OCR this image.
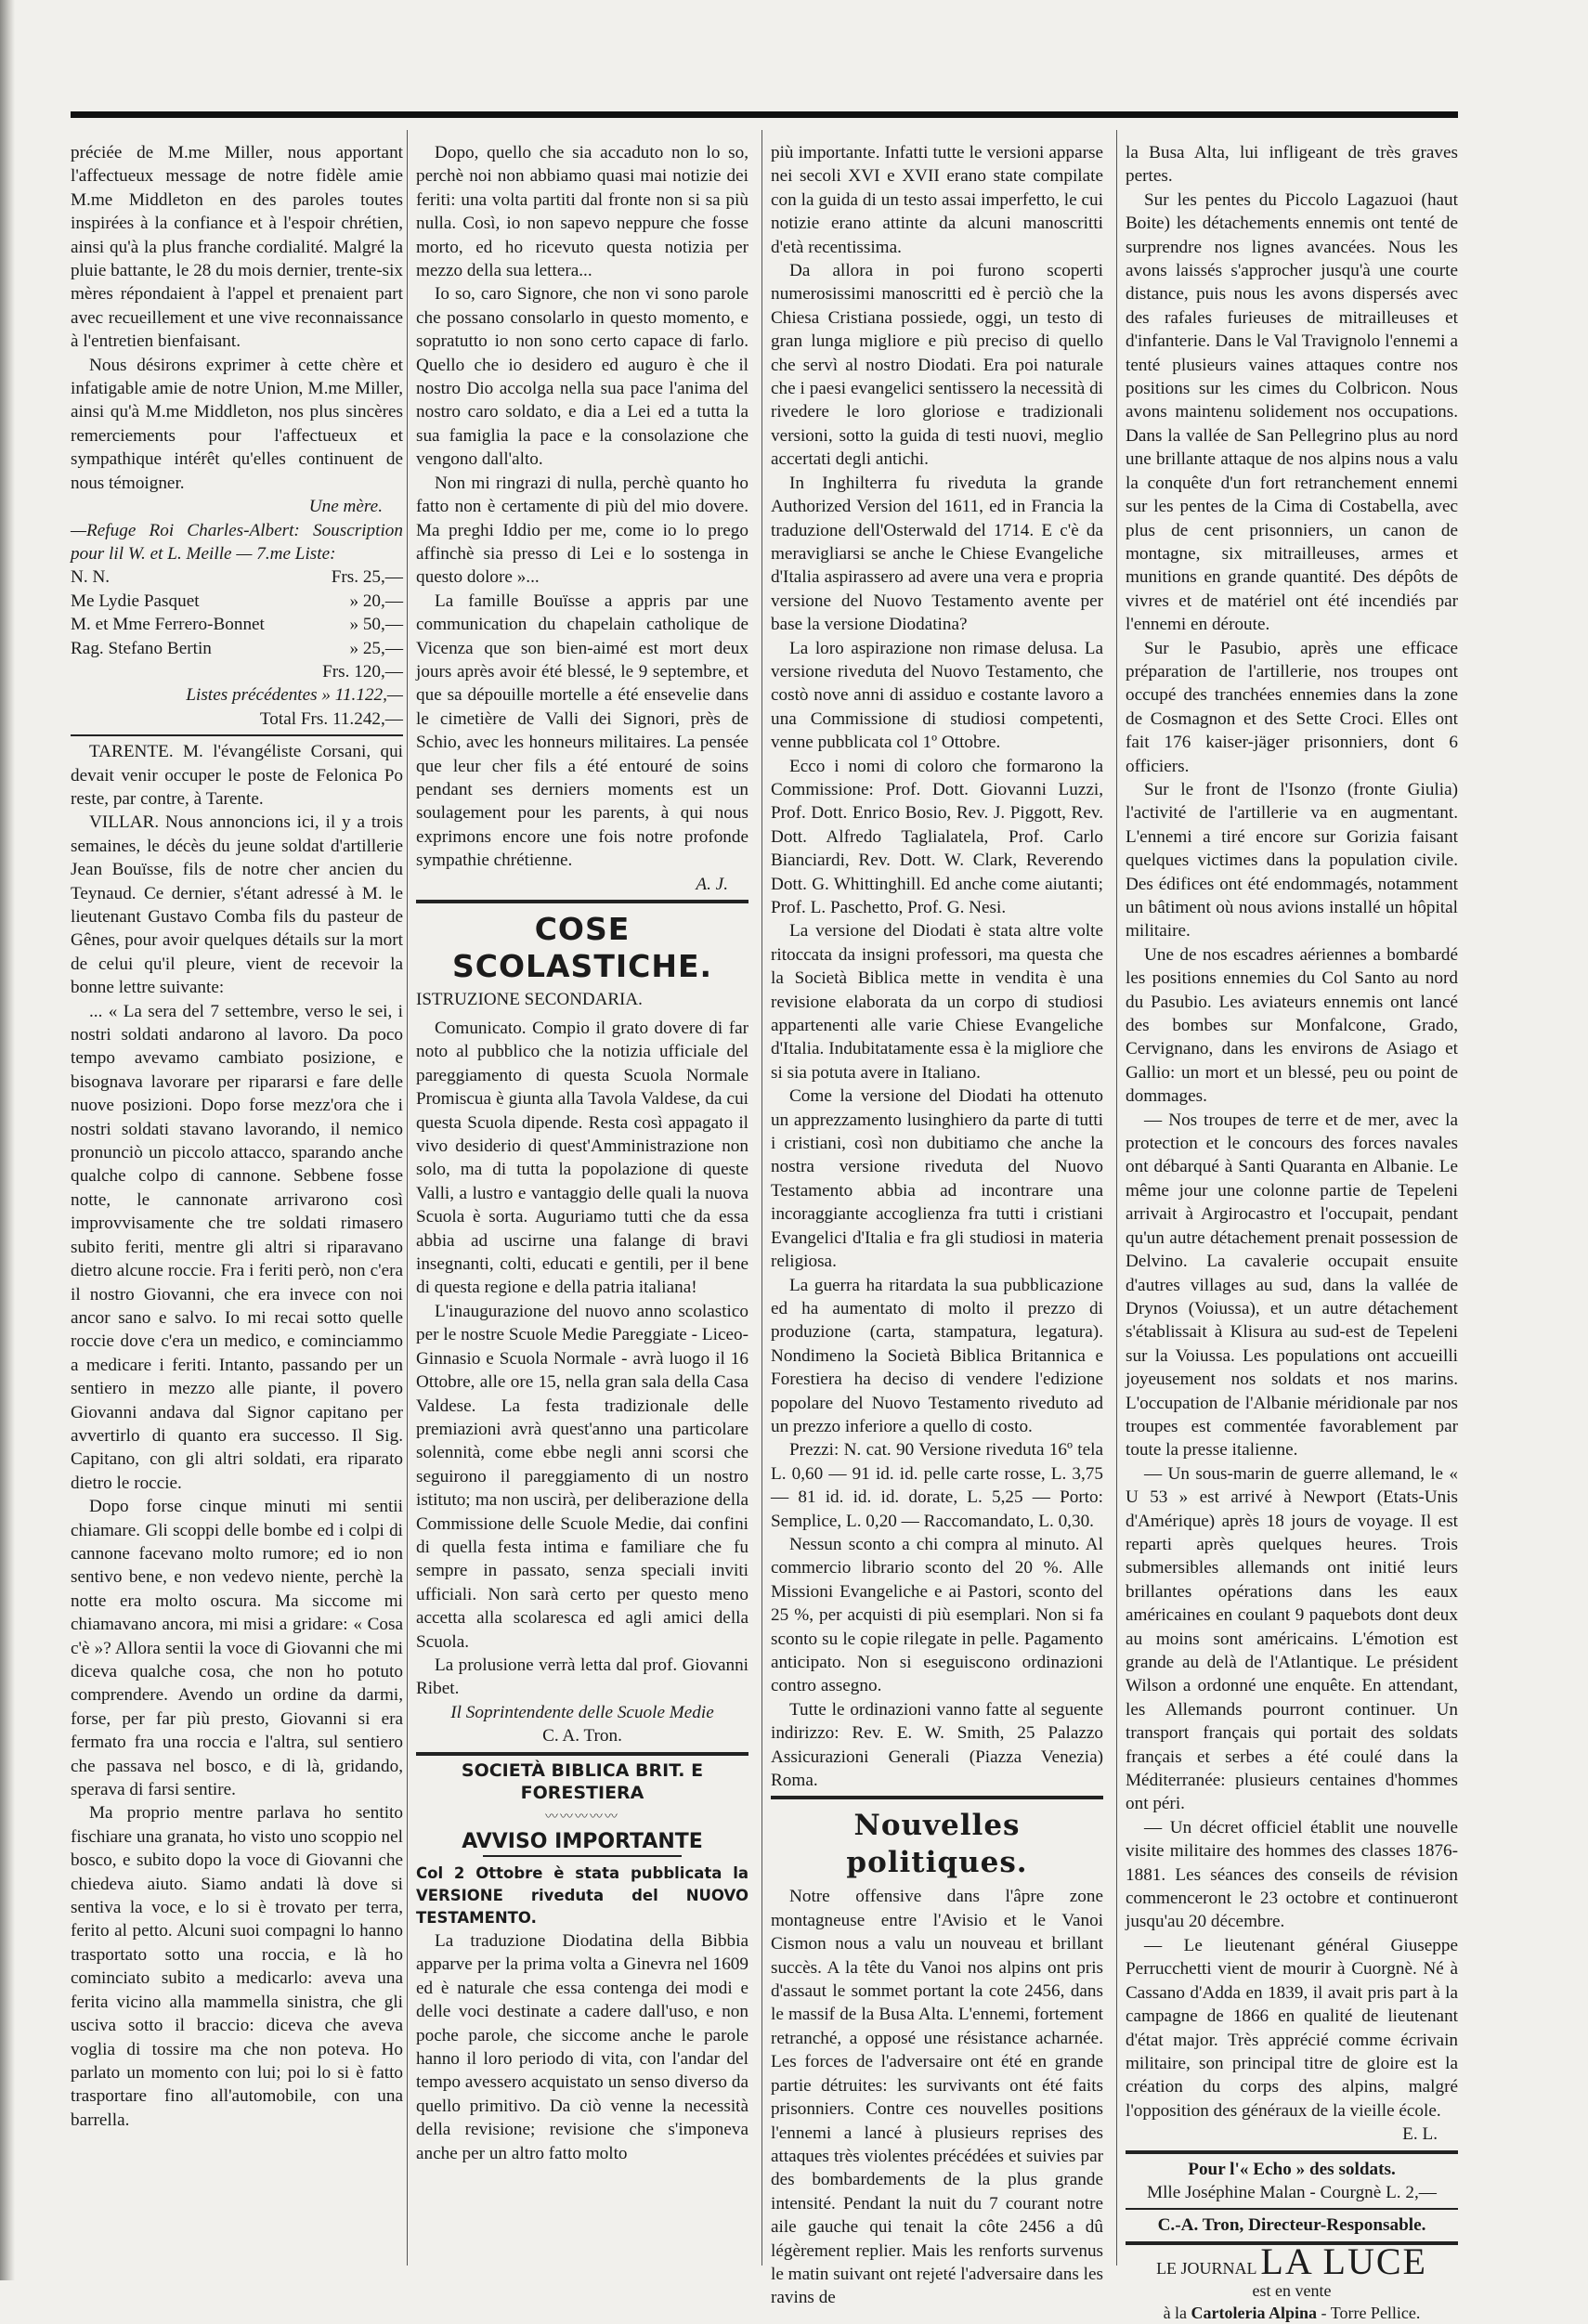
préciée de M.me Miller, nous apportant l'affectueux message de notre fidèle amie M.me Middleton en des paroles toutes inspirées à la confiance et à l'espoir chrétien, ainsi qu'à la plus franche cordialité. Malgré la pluie battante, le 28 du mois dernier, trente-six mères répondaient à l'appel et prenaient part avec recueillement et une vive reconnaissance à l'entretien bienfaisant.

Nous désirons exprimer à cette chère et infatigable amie de notre Union, M.me Miller, ainsi qu'à M.me Middleton, nos plus sincères remerciements pour l'affectueux et sympathique intérêt qu'elles continuent de nous témoigner.

Une mère.
—Refuge Roi Charles-Albert: Souscription pour lil W. et L. Meille — 7.me Liste:
N. N.	Frs. 25,—
Me Lydie Pasquet	» 20,—
M. et Mme Ferrero-Bonnet	» 50,—
Rag. Stefano Bertin	» 25,—
Frs. 120,—
Listes précédentes » 11.122,—
Total Frs. 11.242,—

TARENTE. M. l'évangéliste Corsani, qui devait venir occuper le poste de Felonica Po reste, par contre, à Tarente.

VILLAR. Nous annoncions ici, il y a trois semaines, le décès du jeune soldat d'artillerie Jean Bouïsse, fils de notre cher ancien du Teynaud. Ce dernier, s'étant adressé à M. le lieutenant Gustavo Comba fils du pasteur de Gênes, pour avoir quelques détails sur la mort de celui qu'il pleure, vient de recevoir la bonne lettre suivante:

... « La sera del 7 settembre, verso le sei, i nostri soldati andarono al lavoro. Da poco tempo avevamo cambiato posizione, e bisognava lavorare per ripararsi e fare delle nuove posizioni. Dopo forse mezz'ora che i nostri soldati stavano lavorando, il nemico pronunciò un piccolo attacco, sparando anche qualche colpo di cannone. Sebbene fosse notte, le cannonate arrivarono così improvvisamente che tre soldati rimasero subito feriti, mentre gli altri si riparavano dietro alcune roccie. Fra i feriti però, non c'era il nostro Giovanni, che era invece con noi ancor sano e salvo. Io mi recai sotto quelle roccie dove c'era un medico, e cominciammo a medicare i feriti. Intanto, passando per un sentiero in mezzo alle piante, il povero Giovanni andava dal Signor capitano per avvertirlo di quanto era successo. Il Sig. Capitano, con gli altri soldati, era riparato dietro le roccie.

Dopo forse cinque minuti mi sentii chiamare. Gli scoppi delle bombe ed i colpi di cannone facevano molto rumore; ed io non sentivo bene, e non vedevo niente, perchè la notte era molto oscura. Ma siccome mi chiamavano ancora, mi misi a gridare: « Cosa c'è »? Allora sentii la voce di Giovanni che mi diceva qualche cosa, che non ho potuto comprendere. Avendo un ordine da darmi, forse, per far più presto, Giovanni si era fermato fra una roccia e l'altra, sul sentiero che passava nel bosco, e di là, gridando, sperava di farsi sentire.

Ma proprio mentre parlava ho sentito fischiare una granata, ho visto uno scoppio nel bosco, e subito dopo la voce di Giovanni che chiedeva aiuto. Siamo andati là dove si sentiva la voce, e lo si è trovato per terra, ferito al petto. Alcuni suoi compagni lo hanno trasportato sotto una roccia, e là ho cominciato subito a medicarlo: aveva una ferita vicino alla mammella sinistra, che gli usciva sotto il braccio: diceva che aveva voglia di tossire ma che non poteva. Ho parlato un momento con lui; poi lo si è fatto trasportare fino all'automobile, con una barrella.

Dopo, quello che sia accaduto non lo so, perchè noi non abbiamo quasi mai notizie dei feriti: una volta partiti dal fronte non si sa più nulla. Così, io non sapevo neppure che fosse morto, ed ho ricevuto questa notizia per mezzo della sua lettera...

Io so, caro Signore, che non vi sono parole che possano consolarlo in questo momento, e sopratutto io non sono certo capace di farlo. Quello che io desidero ed auguro è che il nostro Dio accolga nella sua pace l'anima del nostro caro soldato, e dia a Lei ed a tutta la sua famiglia la pace e la consolazione che vengono dall'alto.

Non mi ringrazi di nulla, perchè quanto ho fatto non è certamente di più del mio dovere. Ma preghi Iddio per me, come io lo prego affinchè sia presso di Lei e lo sostenga in questo dolore »...

La famille Bouïsse a appris par une communication du chapelain catholique de Vicenza que son bien-aimé est mort deux jours après avoir été blessé, le 9 septembre, et que sa dépouille mortelle a été ensevelie dans le cimetière de Valli dei Signori, près de Schio, avec les honneurs militaires. La pensée que leur cher fils a été entouré de soins pendant ses derniers moments est un soulagement pour les parents, à qui nous exprimons encore une fois notre profonde sympathie chrétienne.

A. J.
COSE SCOLASTICHE.
ISTRUZIONE SECONDARIA.

Comunicato. Compio il grato dovere di far noto al pubblico che la notizia ufficiale del pareggiamento di questa Scuola Normale Promiscua è giunta alla Tavola Valdese, da cui questa Scuola dipende. Resta così appagato il vivo desiderio di quest'Amministrazione non solo, ma di tutta la popolazione di queste Valli, a lustro e vantaggio delle quali la nuova Scuola è sorta. Auguriamo tutti che da essa abbia ad uscirne una falange di bravi insegnanti, colti, educati e gentili, per il bene di questa regione e della patria italiana!

L'inaugurazione del nuovo anno scolastico per le nostre Scuole Medie Pareggiate - Liceo-Ginnasio e Scuola Normale - avrà luogo il 16 Ottobre, alle ore 15, nella gran sala della Casa Valdese. La festa tradizionale delle premiazioni avrà quest'anno una particolare solennità, come ebbe negli anni scorsi che seguirono il pareggiamento di un nostro istituto; ma non uscirà, per deliberazione della Commissione delle Scuole Medie, dai confini di quella festa intima e familiare che fu sempre in passato, senza speciali inviti ufficiali. Non sarà certo per questo meno accetta alla scolaresca ed agli amici della Scuola.

La prolusione verrà letta dal prof. Giovanni Ribet.

Il Soprintendente delle Scuole Medie
C. A. Tron.
SOCIETÀ BIBLICA BRIT. E FORESTIERA
〰〰〰〰〰
AVVISO IMPORTANTE
Col 2 Ottobre è stata pubblicata la VERSIONE riveduta del NUOVO TESTAMENTO.

La traduzione Diodatina della Bibbia apparve per la prima volta a Ginevra nel 1609 ed è naturale che essa contenga dei modi e delle voci destinate a cadere dall'uso, e non poche parole, che siccome anche le parole hanno il loro periodo di vita, con l'andar del tempo avessero acquistato un senso diverso da quello primitivo. Da ciò venne la necessità della revisione; revisione che s'imponeva anche per un altro fatto molto

più importante. Infatti tutte le versioni apparse nei secoli XVI e XVII erano state compilate con la guida di un testo assai imperfetto, le cui notizie erano attinte da alcuni manoscritti d'età recentissima.

Da allora in poi furono scoperti numerosissimi manoscritti ed è perciò che la Chiesa Cristiana possiede, oggi, un testo di gran lunga migliore e più preciso di quello che servì al nostro Diodati. Era poi naturale che i paesi evangelici sentissero la necessità di rivedere le loro gloriose e tradizionali versioni, sotto la guida di testi nuovi, meglio accertati degli antichi.

In Inghilterra fu riveduta la grande Authorized Version del 1611, ed in Francia la traduzione dell'Osterwald del 1714. E c'è da meravigliarsi se anche le Chiese Evangeliche d'Italia aspirassero ad avere una vera e propria versione del Nuovo Testamento avente per base la versione Diodatina?

La loro aspirazione non rimase delusa. La versione riveduta del Nuovo Testamento, che costò nove anni di assiduo e costante lavoro a una Commissione di studiosi competenti, venne pubblicata col 1º Ottobre.

Ecco i nomi di coloro che formarono la Commissione: Prof. Dott. Giovanni Luzzi, Prof. Dott. Enrico Bosio, Rev. J. Piggott, Rev. Dott. Alfredo Taglialatela, Prof. Carlo Bianciardi, Rev. Dott. W. Clark, Reverendo Dott. G. Whittinghill. Ed anche come aiutanti; Prof. L. Paschetto, Prof. G. Nesi.

La versione del Diodati è stata altre volte ritoccata da insigni professori, ma questa che la Società Biblica mette in vendita è una revisione elaborata da un corpo di studiosi appartenenti alle varie Chiese Evangeliche d'Italia. Indubitatamente essa è la migliore che si sia potuta avere in Italiano.

Come la versione del Diodati ha ottenuto un apprezzamento lusinghiero da parte di tutti i cristiani, così non dubitiamo che anche la nostra versione riveduta del Nuovo Testamento abbia ad incontrare una incoraggiante accoglienza fra tutti i cristiani Evangelici d'Italia e fra gli studiosi in materia religiosa.

La guerra ha ritardata la sua pubblicazione ed ha aumentato di molto il prezzo di produzione (carta, stampatura, legatura). Nondimeno la Società Biblica Britannica e Forestiera ha deciso di vendere l'edizione popolare del Nuovo Testamento riveduto ad un prezzo inferiore a quello di costo.

Prezzi: N. cat. 90 Versione riveduta 16º tela L. 0,60 — 91 id. id. pelle carte rosse, L. 3,75 — 81 id. id. id. dorate, L. 5,25 — Porto: Semplice, L. 0,20 — Raccomandato, L. 0,30.

Nessun sconto a chi compra al minuto. Al commercio librario sconto del 20 %. Alle Missioni Evangeliche e ai Pastori, sconto del 25 %, per acquisti di più esemplari. Non si fa sconto su le copie rilegate in pelle. Pagamento anticipato. Non si eseguiscono ordinazioni contro assegno.

Tutte le ordinazioni vanno fatte al seguente indirizzo: Rev. E. W. Smith, 25 Palazzo Assicurazioni Generali (Piazza Venezia) Roma.

Nouvelles politiques.

Notre offensive dans l'âpre zone montagneuse entre l'Avisio et le Vanoi Cismon nous a valu un nouveau et brillant succès. A la tête du Vanoi nos alpins ont pris d'assaut le sommet portant la cote 2456, dans le massif de la Busa Alta. L'ennemi, fortement retranché, a opposé une résistance acharnée. Les forces de l'adversaire ont été en grande partie détruites: les survivants ont été faits prisonniers. Contre ces nouvelles positions l'ennemi a lancé à plusieurs reprises des attaques très violentes précédées et suivies par des bombardements de la plus grande intensité. Pendant la nuit du 7 courant notre aile gauche qui tenait la côte 2456 a dû légèrement replier. Mais les renforts survenus le matin suivant ont rejeté l'adversaire dans les ravins de

la Busa Alta, lui infligeant de très graves pertes.

Sur les pentes du Piccolo Lagazuoi (haut Boite) les détachements ennemis ont tenté de surprendre nos lignes avancées. Nous les avons laissés s'approcher jusqu'à une courte distance, puis nous les avons dispersés avec des rafales furieuses de mitrailleuses et d'infanterie. Dans le Val Travignolo l'ennemi a tenté plusieurs vaines attaques contre nos positions sur les cimes du Colbricon. Nous avons maintenu solidement nos occupations. Dans la vallée de San Pellegrino plus au nord une brillante attaque de nos alpins nous a valu la conquête d'un fort retranchement ennemi sur les pentes de la Cima di Costabella, avec plus de cent prisonniers, un canon de montagne, six mitrailleuses, armes et munitions en grande quantité. Des dépôts de vivres et de matériel ont été incendiés par l'ennemi en déroute.

Sur le Pasubio, après une efficace préparation de l'artillerie, nos troupes ont occupé des tranchées ennemies dans la zone de Cosmagnon et des Sette Croci. Elles ont fait 176 kaiser-jäger prisonniers, dont 6 officiers.

Sur le front de l'Isonzo (fronte Giulia) l'activité de l'artillerie va en augmentant. L'ennemi a tiré encore sur Gorizia faisant quelques victimes dans la population civile. Des édifices ont été endommagés, notamment un bâtiment où nous avions installé un hôpital militaire.

Une de nos escadres aériennes a bombardé les positions ennemies du Col Santo au nord du Pasubio. Les aviateurs ennemis ont lancé des bombes sur Monfalcone, Grado, Cervignano, dans les environs de Asiago et Gallio: un mort et un blessé, peu ou point de dommages.

— Nos troupes de terre et de mer, avec la protection et le concours des forces navales ont débarqué à Santi Quaranta en Albanie. Le même jour une colonne partie de Tepeleni arrivait à Argirocastro et l'occupait, pendant qu'un autre détachement prenait possession de Delvino. La cavalerie occupait ensuite d'autres villages au sud, dans la vallée de Drynos (Voiussa), et un autre détachement s'établissait à Klisura au sud-est de Tepeleni sur la Voiussa. Les populations ont accueilli joyeusement nos soldats et nos marins. L'occupation de l'Albanie méridionale par nos troupes est commentée favorablement par toute la presse italienne.

— Un sous-marin de guerre allemand, le « U 53 » est arrivé à Newport (Etats-Unis d'Amérique) après 18 jours de voyage. Il est reparti après quelques heures. Trois submersibles allemands ont initié leurs brillantes opérations dans les eaux américaines en coulant 9 paquebots dont deux au moins sont américains. L'émotion est grande au delà de l'Atlantique. Le président Wilson a ordonné une enquête. En attendant, les Allemands pourront continuer. Un transport français qui portait des soldats français et serbes a été coulé dans la Méditerranée: plusieurs centaines d'hommes ont péri.

— Un décret officiel établit une nouvelle visite militaire des hommes des classes 1876-1881. Les séances des conseils de révision commenceront le 23 octobre et continueront jusqu'au 20 décembre.

— Le lieutenant général Giuseppe Perrucchetti vient de mourir à Cuorgnè. Né à Cassano d'Adda en 1839, il avait pris part à la campagne de 1866 en qualité de lieutenant d'état major. Très apprécié comme écrivain militaire, son principal titre de gloire est la création du corps des alpins, malgré l'opposition des généraux de la vieille école.

E. L.
Pour l'« Echo » des soldats.
Mlle Joséphine Malan - Courgnè L. 2,—
C.-A. Tron, Directeur-Responsable.
LE JOURNAL LA LUCE
est en vente
à la Cartoleria Alpina - Torre Pellice.
